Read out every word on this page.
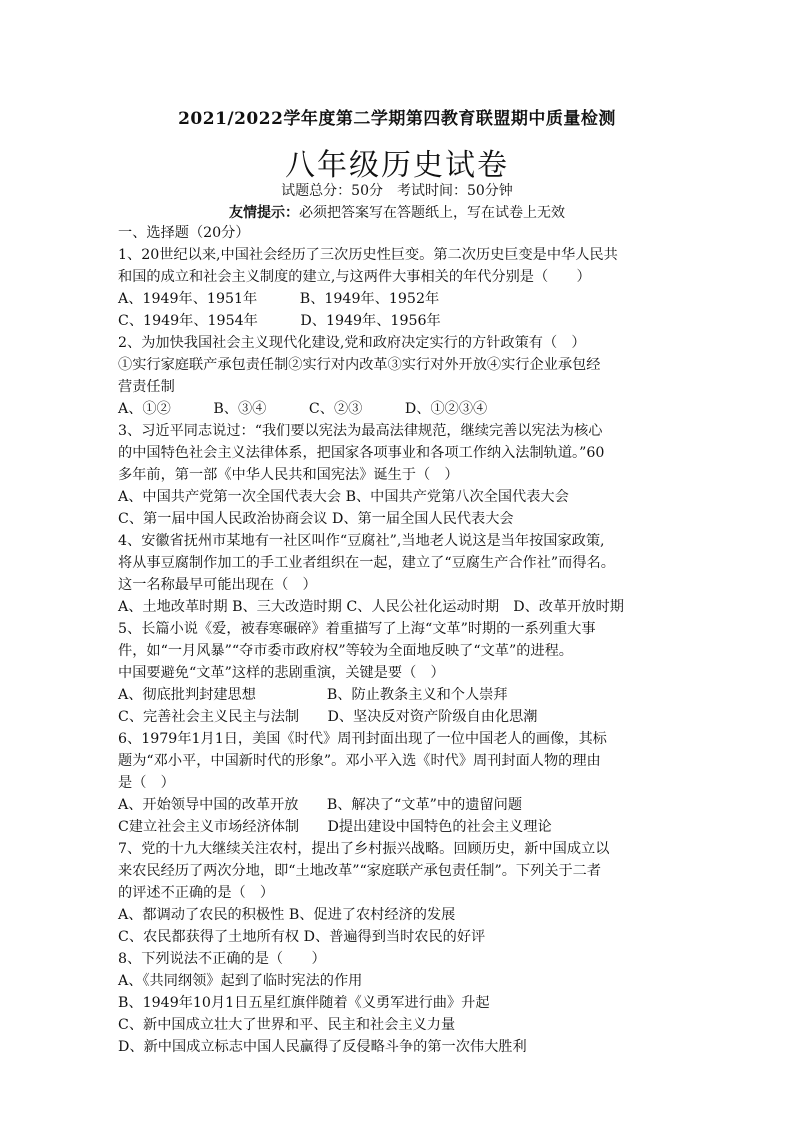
2021/2022学年度第二学期第四教育联盟期中质量检测
八年级历史试卷
试题总分：50分　考试时间：50分钟
友情提示：必须把答案写在答题纸上，写在试卷上无效
一、选择题（20分）
1、20世纪以来,中国社会经历了三次历史性巨变。第二次历史巨变是中华人民共
和国的成立和社会主义制度的建立,与这两件大事相关的年代分别是（　　）
A、1949年、1951年　　　B、1949年、1952年
C、1949年、1954年　　　D、1949年、1956年
2、为加快我国社会主义现代化建设,党和政府决定实行的方针政策有（　）
①实行家庭联产承包责任制②实行对内改革③实行对外开放④实行企业承包经
营责任制
A、①②　　　B、③④　　　C、②③　　　D、①②③④
3、习近平同志说过：“我们要以宪法为最高法律规范，继续完善以宪法为核心
的中国特色社会主义法律体系，把国家各项事业和各项工作纳入法制轨道。”60
多年前，第一部《中华人民共和国宪法》诞生于（　）
A、中国共产党第一次全国代表大会 B、中国共产党第八次全国代表大会
C、第一届中国人民政治协商会议 D、第一届全国人民代表大会
4、安徽省抚州市某地有一社区叫作“豆腐社”,当地老人说这是当年按国家政策,
将从事豆腐制作加工的手工业者组织在一起，建立了“豆腐生产合作社”而得名。
这一名称最早可能出现在（　）
A、土地改革时期 B、三大改造时期 C、人民公社化运动时期　D、改革开放时期
5、长篇小说《爱，被春寒碾碎》着重描写了上海“文革”时期的一系列重大事
件，如“一月风暴”“夺市委市政府权”等较为全面地反映了“文革”的进程。
中国要避免“文革”这样的悲剧重演，关键是要（　）
A、彻底批判封建思想　　　　　B、防止教条主义和个人崇拜
C、完善社会主义民主与法制　　D、坚决反对资产阶级自由化思潮
6、1979年1月1日，美国《时代》周刊封面出现了一位中国老人的画像，其标
题为“邓小平，中国新时代的形象”。邓小平入选《时代》周刊封面人物的理由
是（　）
A、开始领导中国的改革开放　　B、解决了“文革”中的遗留问题
C建立社会主义市场经济体制　　D提出建设中国特色的社会主义理论
7、党的十九大继续关注农村，提出了乡村振兴战略。回顾历史，新中国成立以
来农民经历了两次分地，即“土地改革”“家庭联产承包责任制”。下列关于二者
的评述不正确的是（　）
A、都调动了农民的积极性 B、促进了农村经济的发展
C、农民都获得了土地所有权 D、普遍得到当时农民的好评
8、下列说法不正确的是（　　）
A、《共同纲领》起到了临时宪法的作用
B、1949年10月1日五星红旗伴随着《义勇军进行曲》升起
C、新中国成立壮大了世界和平、民主和社会主义力量
D、新中国成立标志中国人民赢得了反侵略斗争的第一次伟大胜利
